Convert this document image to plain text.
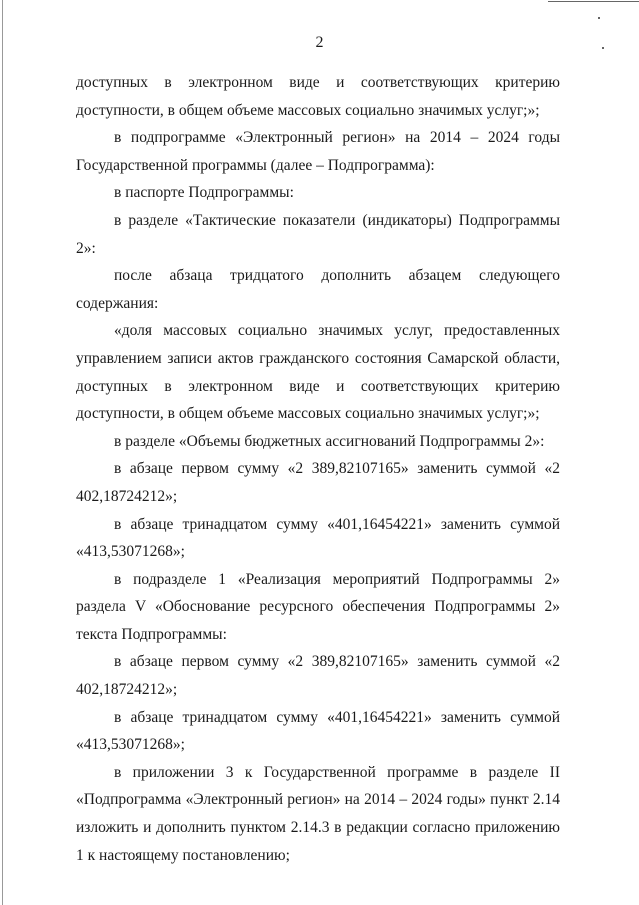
2

доступных в электронном виде и соответствующих критерию доступности, в общем объеме массовых социально значимых услуг;»;

в подпрограмме «Электронный регион» на 2014 – 2024 годы Государственной программы (далее – Подпрограмма):

в паспорте Подпрограммы:

в разделе «Тактические показатели (индикаторы) Подпрограммы 2»:

после абзаца тридцатого дополнить абзацем следующего содержания:

«доля массовых социально значимых услуг, предоставленных управлением записи актов гражданского состояния Самарской области, доступных в электронном виде и соответствующих критерию доступности, в общем объеме массовых социально значимых услуг;»;

в разделе «Объемы бюджетных ассигнований Подпрограммы 2»:

в абзаце первом сумму «2 389,82107165» заменить суммой «2 402,18724212»;

в абзаце тринадцатом сумму «401,16454221» заменить суммой «413,53071268»;

в подразделе 1 «Реализация мероприятий Подпрограммы 2» раздела V «Обоснование ресурсного обеспечения Подпрограммы 2» текста Подпрограммы:

в абзаце первом сумму «2 389,82107165» заменить суммой «2 402,18724212»;

в абзаце тринадцатом сумму «401,16454221» заменить суммой «413,53071268»;

в приложении 3 к Государственной программе в разделе II «Подпрограмма «Электронный регион» на 2014 – 2024 годы» пункт 2.14 изложить и дополнить пунктом 2.14.3 в редакции согласно приложению 1 к настоящему постановлению;
